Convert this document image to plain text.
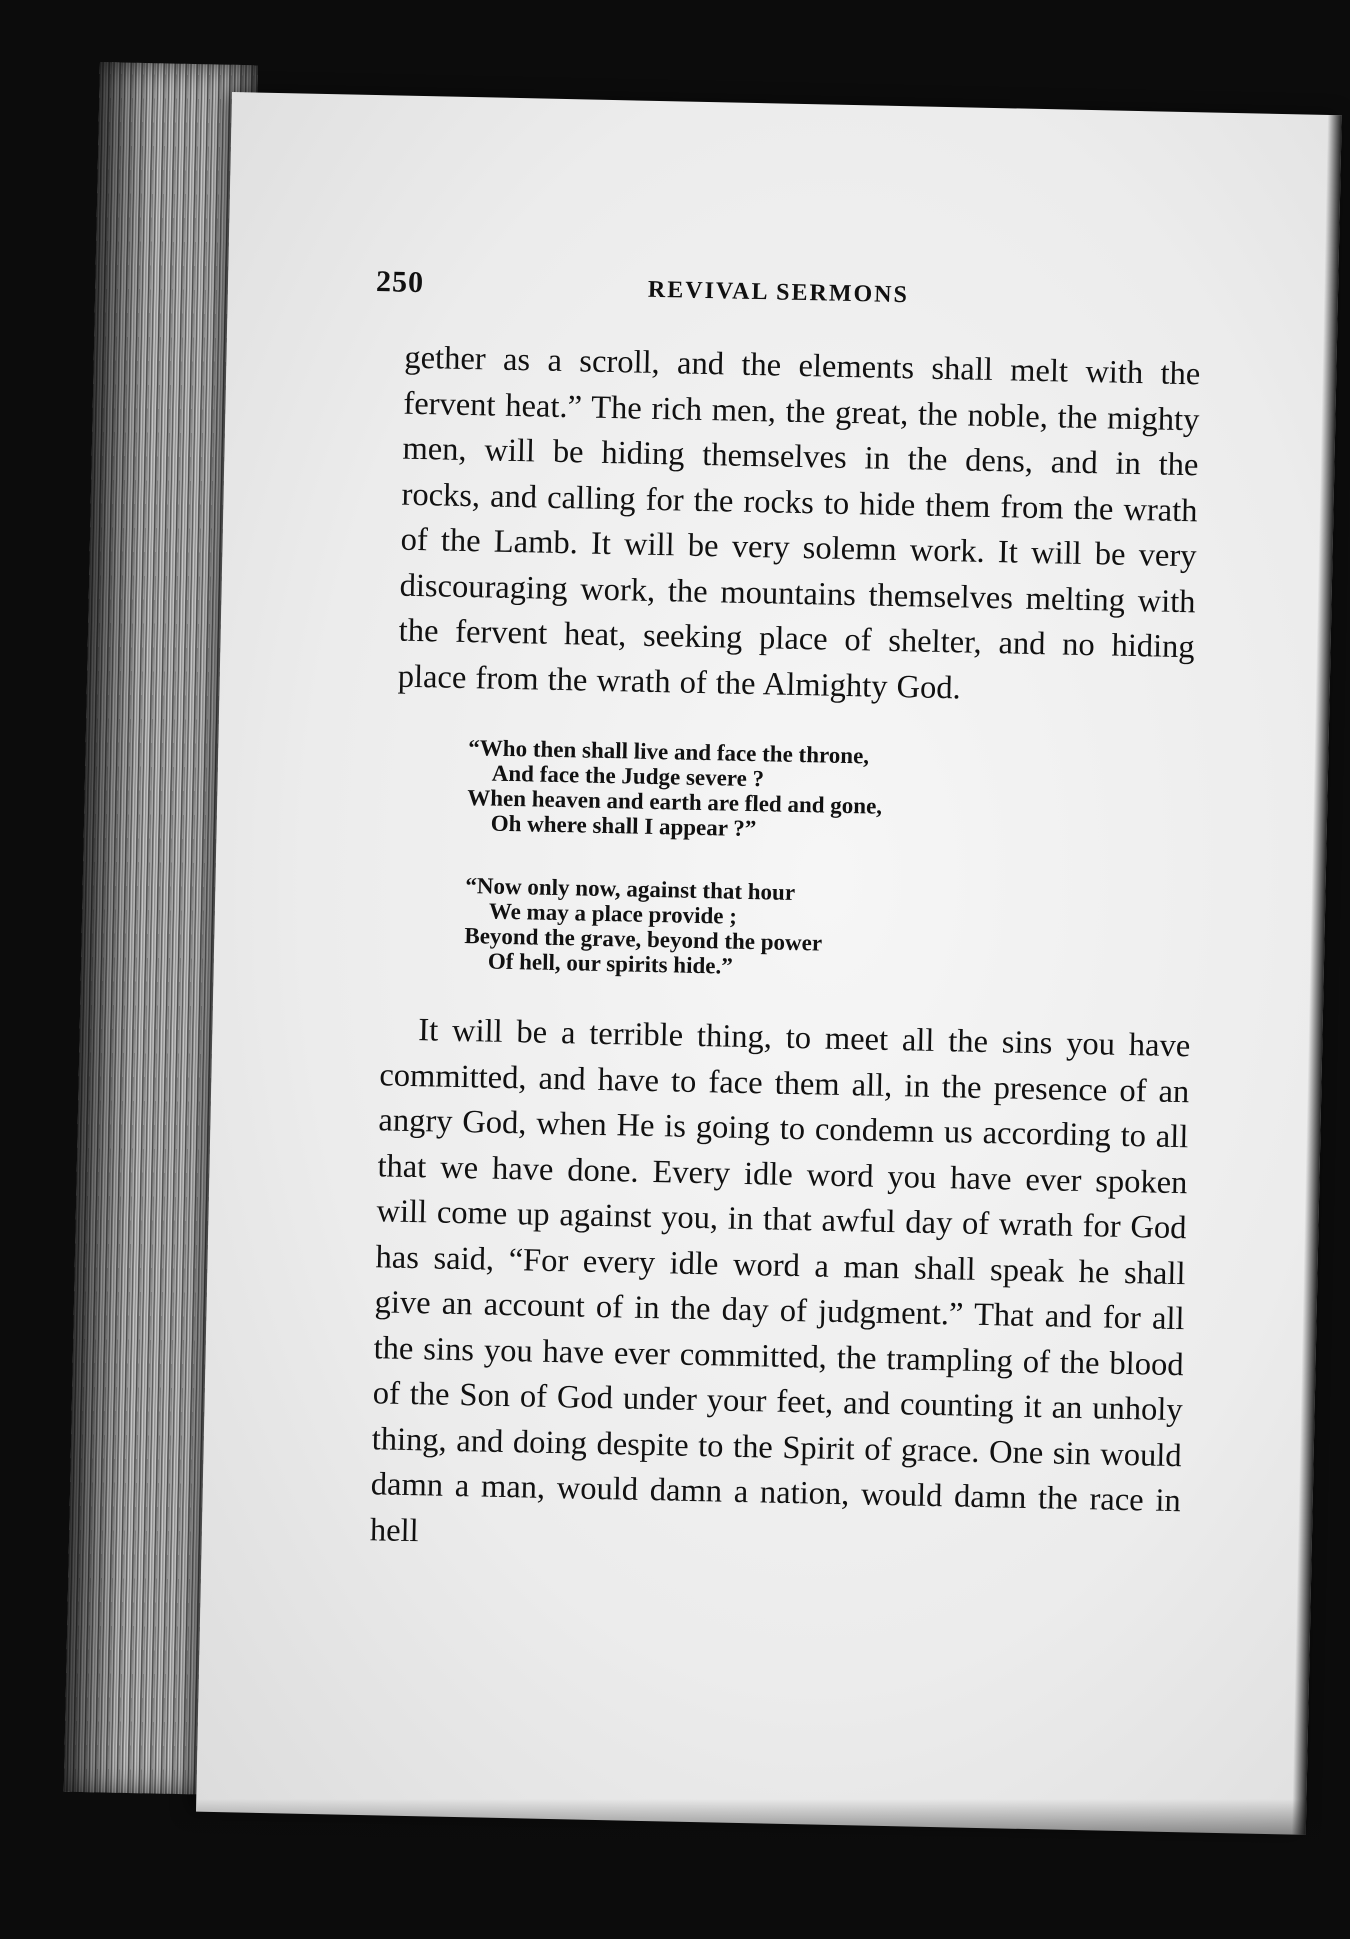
250	REVIVAL SERMONS

gether as a scroll, and the elements shall melt with the fervent heat.” The rich men, the great, the noble, the mighty men, will be hiding themselves in the dens, and in the rocks, and calling for the rocks to hide them from the wrath of the Lamb. It will be very solemn work. It will be very discouraging work, the mountains themselves melting with the fervent heat, seeking place of shelter, and no hiding place from the wrath of the Almighty God.

“Who then shall live and face the throne,
And face the Judge severe ?
When heaven and earth are fled and gone,
Oh where shall I appear ?”
“Now only now, against that hour
We may a place provide ;
Beyond the grave, beyond the power
Of hell, our spirits hide.”

It will be a terrible thing, to meet all the sins you have committed, and have to face them all, in the presence of an angry God, when He is going to condemn us according to all that we have done. Every idle word you have ever spoken will come up against you, in that awful day of wrath for God has said, “For every idle word a man shall speak he shall give an account of in the day of judgment.” That and for all the sins you have ever committed, the trampling of the blood of the Son of God under your feet, and counting it an unholy thing, and doing despite to the Spirit of grace. One sin would damn a man, would damn a nation, would damn the race in hell
